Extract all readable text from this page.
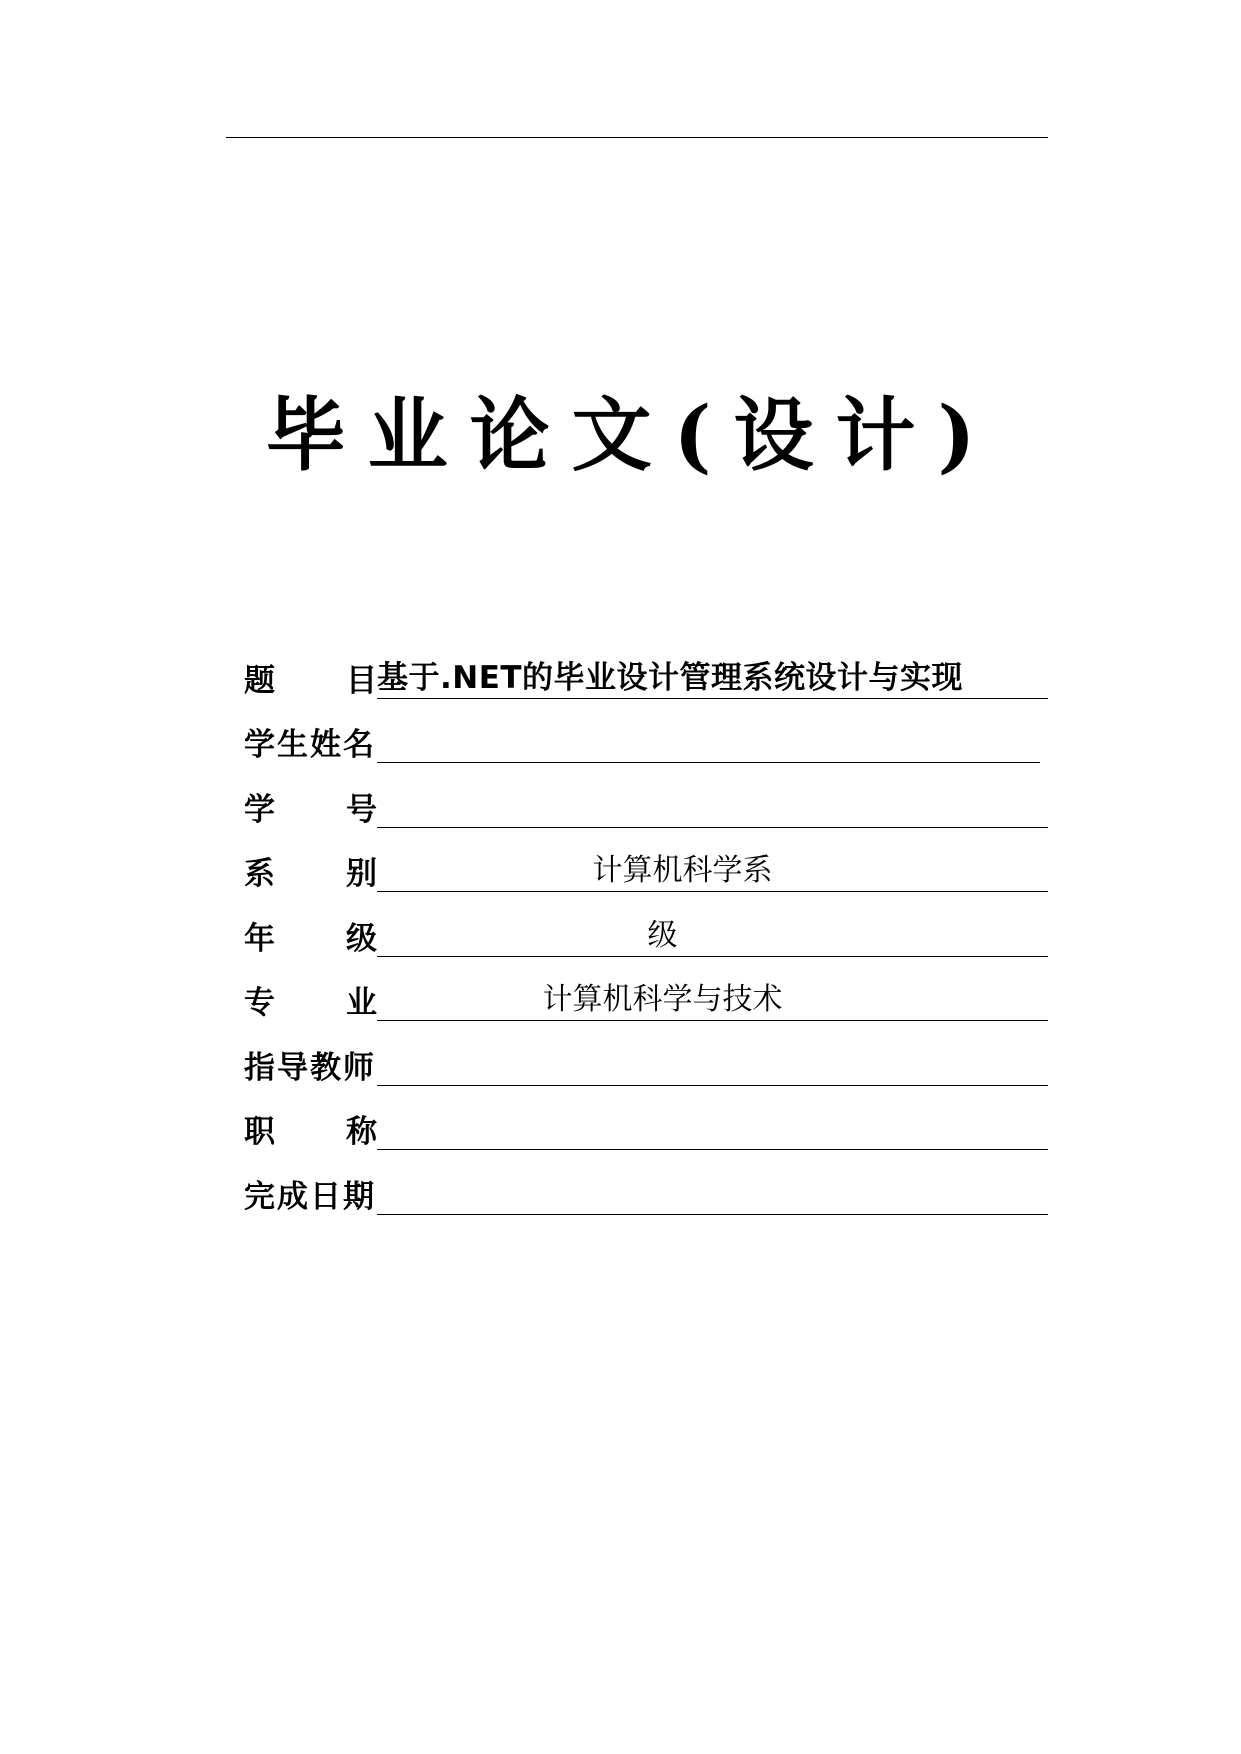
毕业论文(设计)
题 目 基于.NET的毕业设计管理系统设计与实现
学生姓名
学 号
系 别	计算机科学系
年 级	级
专 业	计算机科学与技术
指导教师
职 称
完成日期
